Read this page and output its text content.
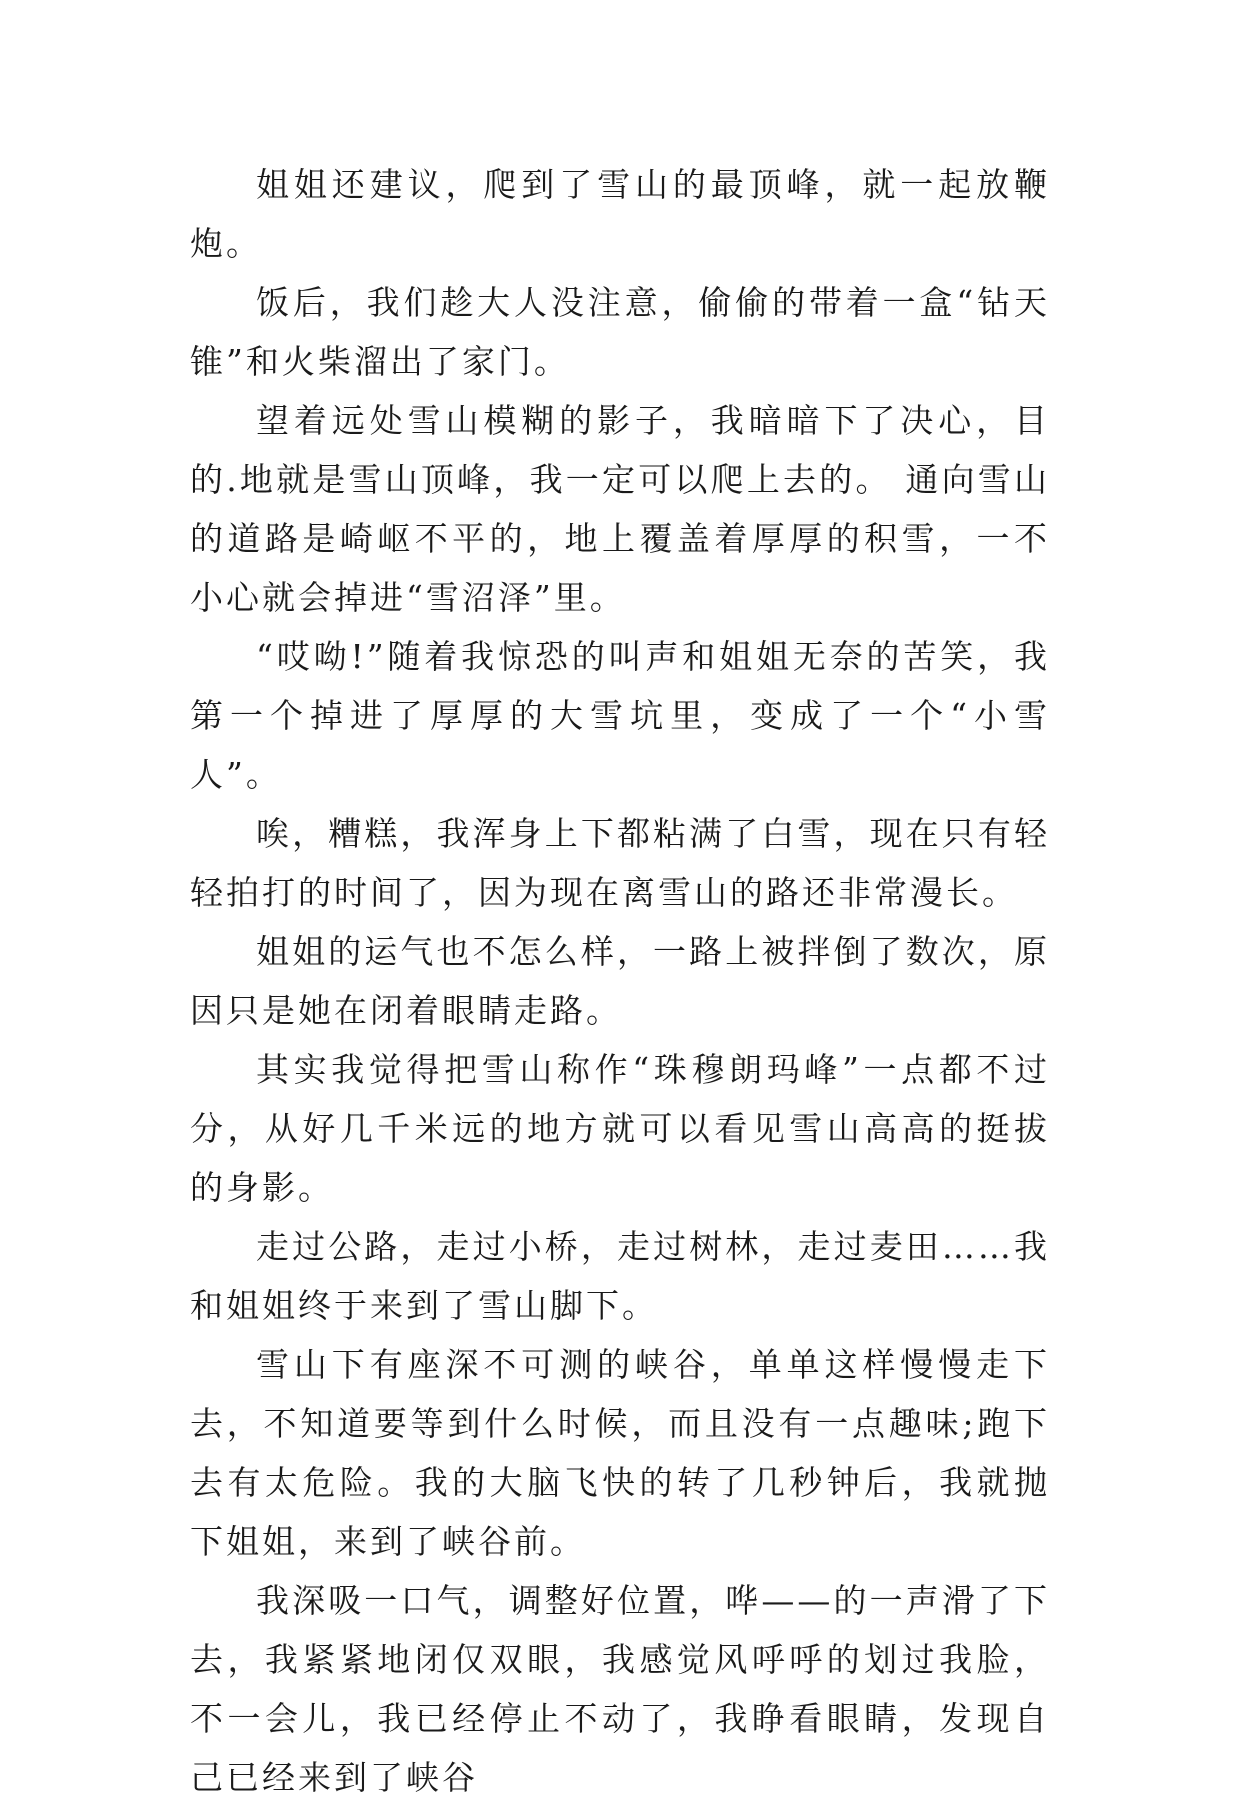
姐姐还建议，爬到了雪山的最顶峰，就一起放鞭炮。

饭后，我们趁大人没注意，偷偷的带着一盒“钻天锥”和火柴溜出了家门。

望着远处雪山模糊的影子，我暗暗下了决心，目的.地就是雪山顶峰，我一定可以爬上去的。 通向雪山的道路是崎岖不平的，地上覆盖着厚厚的积雪，一不小心就会掉进“雪沼泽”里。

“哎呦!”随着我惊恐的叫声和姐姐无奈的苦笑，我第一个掉进了厚厚的大雪坑里，变成了一个“小雪人”。

唉，糟糕，我浑身上下都粘满了白雪，现在只有轻轻拍打的时间了，因为现在离雪山的路还非常漫长。

姐姐的运气也不怎么样，一路上被拌倒了数次，原因只是她在闭着眼睛走路。

其实我觉得把雪山称作“珠穆朗玛峰”一点都不过分，从好几千米远的地方就可以看见雪山高高的挺拔的身影。

走过公路，走过小桥，走过树林，走过麦田……我和姐姐终于来到了雪山脚下。

雪山下有座深不可测的峡谷，单单这样慢慢走下去，不知道要等到什么时候，而且没有一点趣味;跑下去有太危险。我的大脑飞快的转了几秒钟后，我就抛下姐姐，来到了峡谷前。

我深吸一口气，调整好位置，哗——的一声滑了下去，我紧紧地闭仅双眼，我感觉风呼呼的划过我脸，不一会儿，我已经停止不动了，我睁看眼睛，发现自己已经来到了峡谷
